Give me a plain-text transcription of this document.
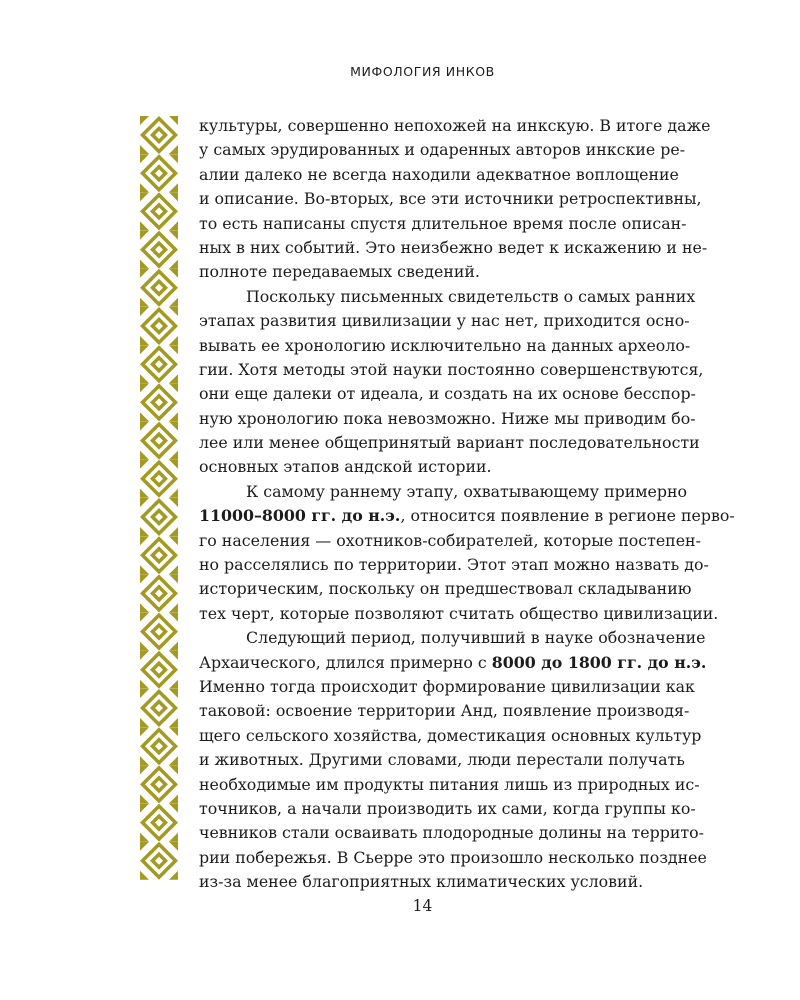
МИФОЛОГИЯ ИНКОВ
культуры, совершенно непохожей на инкскую. В итоге даже
у самых эрудированных и одаренных авторов инкские ре-
алии далеко не всегда находили адекватное воплощение
и описание. Во-вторых, все эти источники ретроспективны,
то есть написаны спустя длительное время после описан-
ных в них событий. Это неизбежно ведет к искажению и не-
полноте передаваемых сведений.
Поскольку письменных свидетельств о самых ранних
этапах развития цивилизации у нас нет, приходится осно-
вывать ее хронологию исключительно на данных археоло-
гии. Хотя методы этой науки постоянно совершенствуются,
они еще далеки от идеала, и создать на их основе бесспор-
ную хронологию пока невозможно. Ниже мы приводим бо-
лее или менее общепринятый вариант последовательности
основных этапов андской истории.
К самому раннему этапу, охватывающему примерно
11000–8000 гг. до н.э., относится появление в регионе перво-
го населения — охотников-собирателей, которые постепен-
но расселялись по территории. Этот этап можно назвать до-
историческим, поскольку он предшествовал складыванию
тех черт, которые позволяют считать общество цивилизации.
Следующий период, получивший в науке обозначение
Архаического, длился примерно с 8000 до 1800 гг. до н.э.
Именно тогда происходит формирование цивилизации как
таковой: освоение территории Анд, появление производя-
щего сельского хозяйства, доместикация основных культур
и животных. Другими словами, люди перестали получать
необходимые им продукты питания лишь из природных ис-
точников, а начали производить их сами, когда группы ко-
чевников стали осваивать плодородные долины на террито-
рии побережья. В Сьерре это произошло несколько позднее
из-за менее благоприятных климатических условий.
14
